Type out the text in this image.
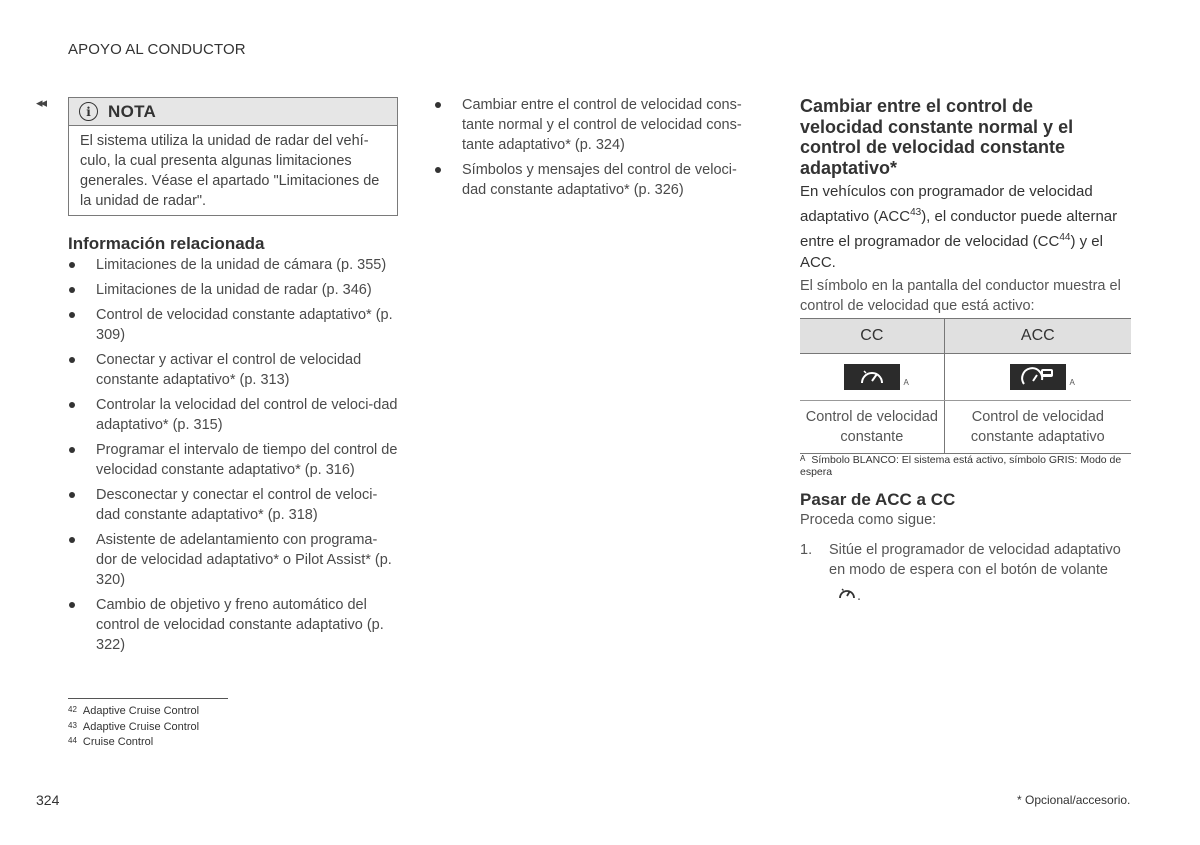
APOYO AL CONDUCTOR
◂◂
i	NOTA
El sistema utiliza la unidad de radar del vehí-culo, la cual presenta algunas limitaciones generales. Véase el apartado "Limitaciones de la unidad de radar".
Información relacionada
Limitaciones de la unidad de cámara (p. 355)
Limitaciones de la unidad de radar (p. 346)
Control de velocidad constante adaptativo* (p. 309)
Conectar y activar el control de velocidad constante adaptativo* (p. 313)
Controlar la velocidad del control de veloci-dad adaptativo* (p. 315)
Programar el intervalo de tiempo del control de velocidad constante adaptativo* (p. 316)
Desconectar y conectar el control de veloci-dad constante adaptativo* (p. 318)
Asistente de adelantamiento con programa-dor de velocidad adaptativo* o Pilot Assist* (p. 320)
Cambio de objetivo y freno automático del control de velocidad constante adaptativo (p. 322)
Cambiar entre el control de velocidad cons-tante normal y el control de velocidad cons-tante adaptativo* (p. 324)
Símbolos y mensajes del control de veloci-dad constante adaptativo* (p. 326)
42 Adaptive Cruise Control
43 Adaptive Cruise Control
44 Cruise Control
324	* Opcional/accesorio.
Cambiar entre el control de velocidad constante normal y el control de velocidad constante adaptativo*
En vehículos con programador de velocidad adaptativo (ACC$^{43}$), el conductor puede alternar entre el programador de velocidad (CC$^{44}$) y el ACC.
El símbolo en la pantalla del conductor muestra el control de velocidad que está activo:
CC	ACC

A	A

Control de velocidad constante	Control de velocidad constante adaptativo
A Símbolo BLANCO: El sistema está activo, símbolo GRIS: Modo de espera
Pasar de ACC a CC
Proceda como sigue:
1. Sitúe el programador de velocidad adaptativo en modo de espera con el botón de volante
.
